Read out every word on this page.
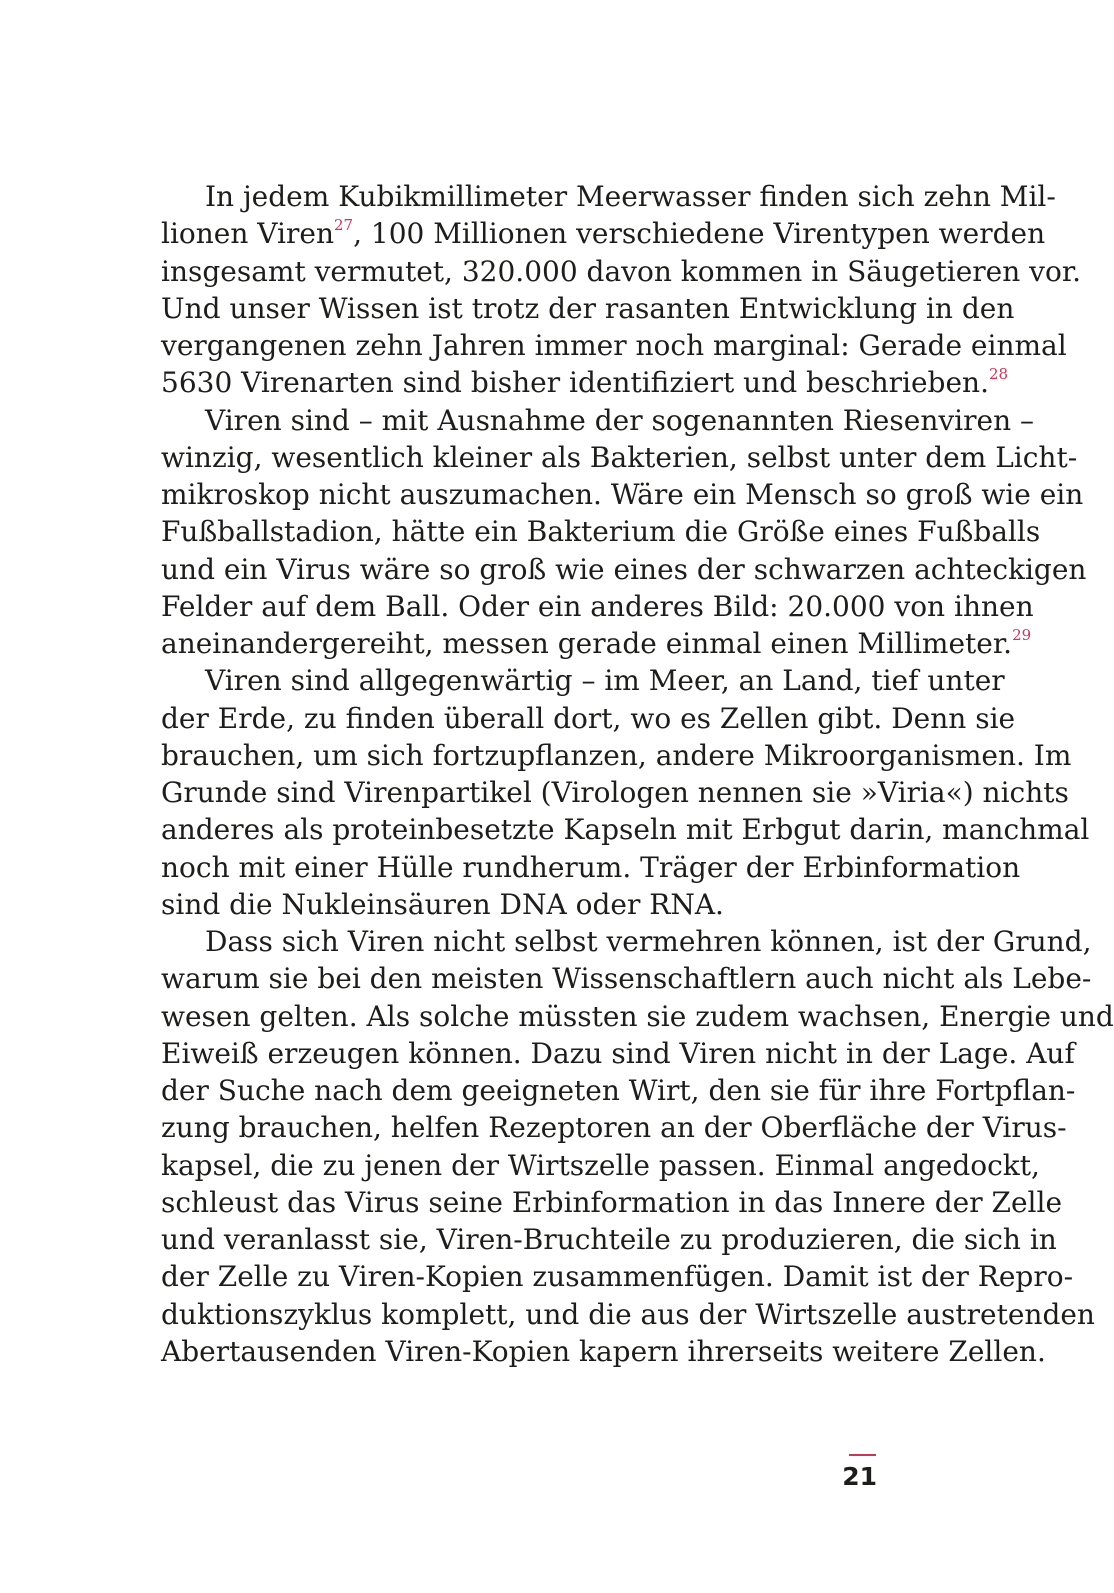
In jedem Kubikmillimeter Meerwasser finden sich zehn Mil-
lionen Viren$^{27}$, 100 Millionen verschiedene Virentypen werden
insgesamt vermutet, 320.000 davon kommen in Säugetieren vor.
Und unser Wissen ist trotz der rasanten Entwicklung in den
vergangenen zehn Jahren immer noch marginal: Gerade einmal
5630 Virenarten sind bisher identifiziert und beschrieben.$^{28}$
Viren sind – mit Ausnahme der sogenannten Riesenviren –
winzig, wesentlich kleiner als Bakterien, selbst unter dem Licht-
mikroskop nicht auszumachen. Wäre ein Mensch so groß wie ein
Fußballstadion, hätte ein Bakterium die Größe eines Fußballs
und ein Virus wäre so groß wie eines der schwarzen achteckigen
Felder auf dem Ball. Oder ein anderes Bild: 20.000 von ihnen
aneinandergereiht, messen gerade einmal einen Millimeter.$^{29}$
Viren sind allgegenwärtig – im Meer, an Land, tief unter
der Erde, zu finden überall dort, wo es Zellen gibt. Denn sie
brauchen, um sich fortzupflanzen, andere Mikroorganismen. Im
Grunde sind Virenpartikel (Virologen nennen sie »Viria«) nichts
anderes als proteinbesetzte Kapseln mit Erbgut darin, manchmal
noch mit einer Hülle rundherum. Träger der Erbinformation
sind die Nukleinsäuren DNA oder RNA.
Dass sich Viren nicht selbst vermehren können, ist der Grund,
warum sie bei den meisten Wissenschaftlern auch nicht als Lebe-
wesen gelten. Als solche müssten sie zudem wachsen, Energie und
Eiweiß erzeugen können. Dazu sind Viren nicht in der Lage. Auf
der Suche nach dem geeigneten Wirt, den sie für ihre Fortpflan-
zung brauchen, helfen Rezeptoren an der Oberfläche der Virus-
kapsel, die zu jenen der Wirtszelle passen. Einmal angedockt,
schleust das Virus seine Erbinformation in das Innere der Zelle
und veranlasst sie, Viren-Bruchteile zu produzieren, die sich in
der Zelle zu Viren-Kopien zusammenfügen. Damit ist der Repro-
duktionszyklus komplett, und die aus der Wirtszelle austretenden
Abertausenden Viren-Kopien kapern ihrerseits weitere Zellen.
21
